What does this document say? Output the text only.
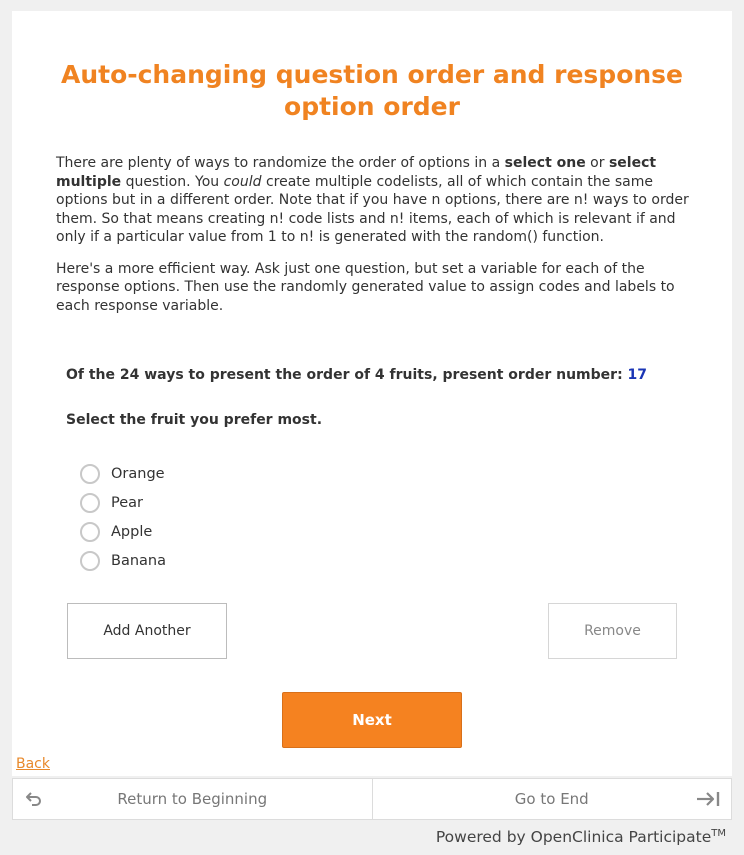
Auto-changing question order and response option order

There are plenty of ways to randomize the order of options in a select one or select multiple question. You could create multiple codelists, all of which contain the same options but in a different order. Note that if you have n options, there are n! ways to order them. So that means creating n! code lists and n! items, each of which is relevant if and only if a particular value from 1 to n! is generated with the random() function.

Here's a more efficient way. Ask just one question, but set a variable for each of the response options. Then use the randomly generated value to assign codes and labels to each response variable.

Of the 24 ways to present the order of 4 fruits, present order number: 17
Select the fruit you prefer most.
Orange
Pear
Apple
Banana
Add Another	Remove
Next
Back
Return to Beginning	Go to End
Powered by OpenClinica Participate™
